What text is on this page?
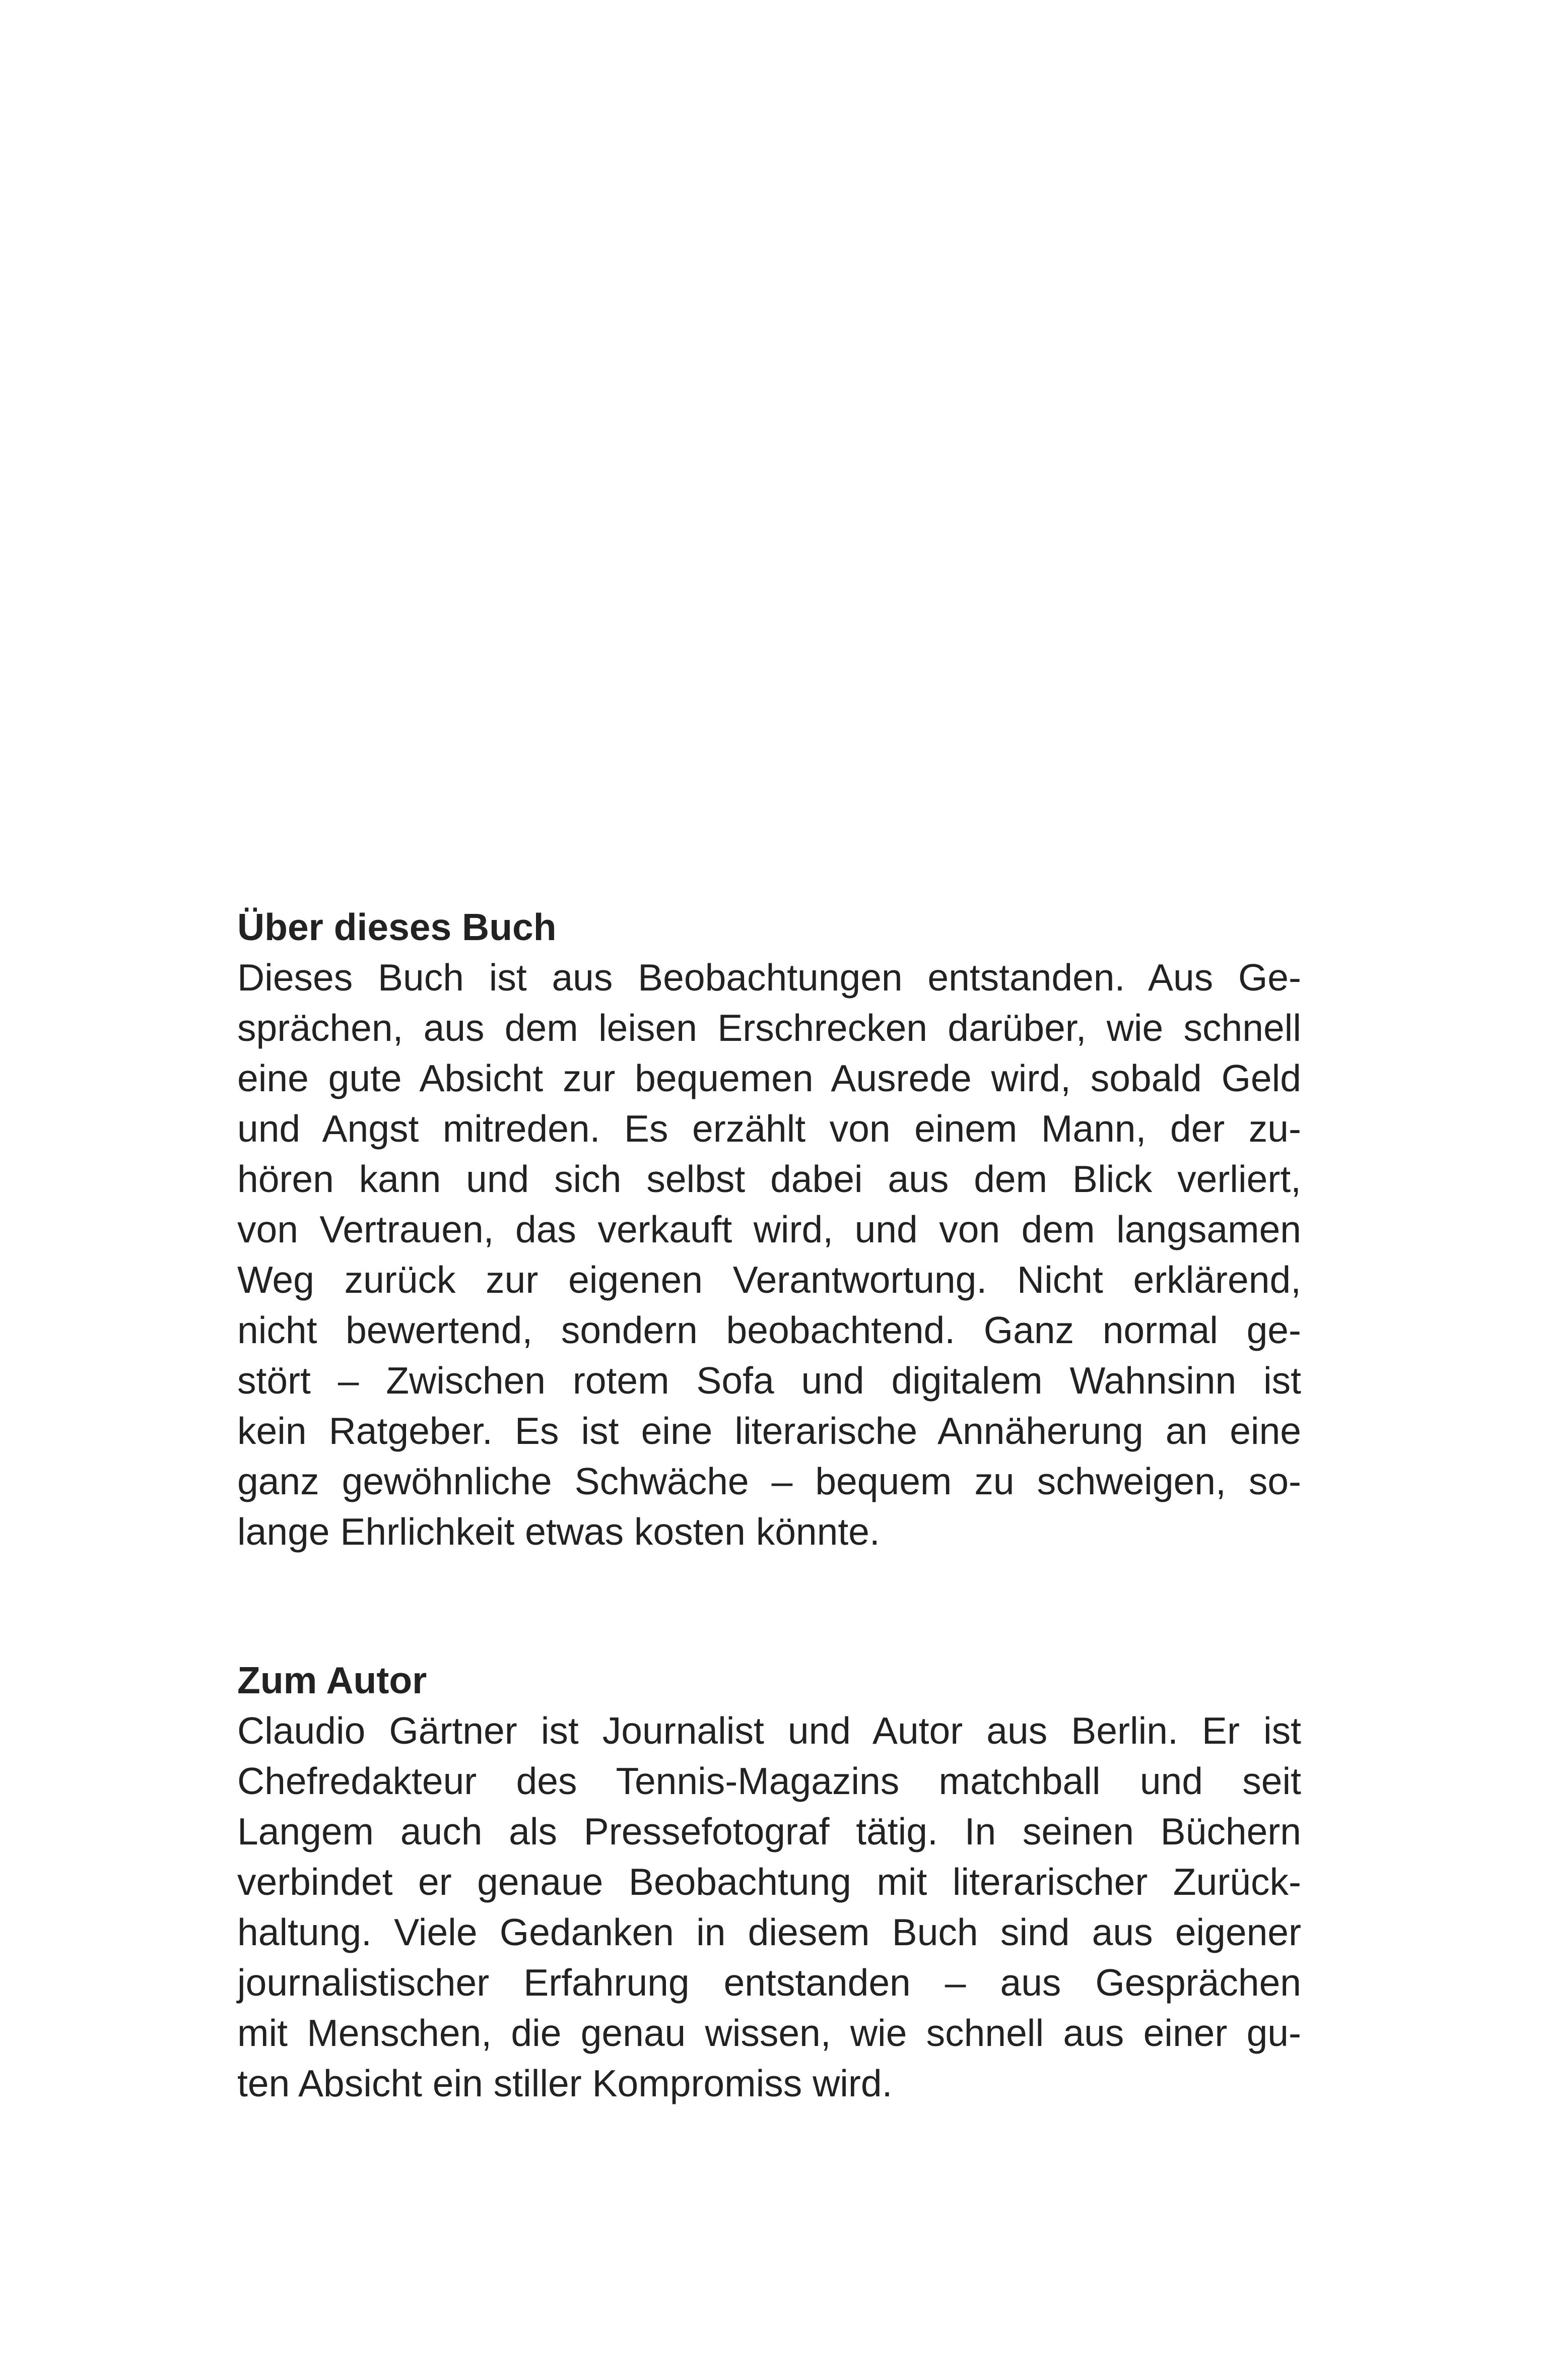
Über dieses Buch
Dieses Buch ist aus Beobachtungen entstanden. Aus Ge-
sprächen, aus dem leisen Erschrecken darüber, wie schnell
eine gute Absicht zur bequemen Ausrede wird, sobald Geld
und Angst mitreden. Es erzählt von einem Mann, der zu-
hören kann und sich selbst dabei aus dem Blick verliert,
von Vertrauen, das verkauft wird, und von dem langsamen
Weg zurück zur eigenen Verantwortung. Nicht erklärend,
nicht bewertend, sondern beobachtend. Ganz normal ge-
stört – Zwischen rotem Sofa und digitalem Wahnsinn ist
kein Ratgeber. Es ist eine literarische Annäherung an eine
ganz gewöhnliche Schwäche – bequem zu schweigen, so-
lange Ehrlichkeit etwas kosten könnte.
Zum Autor
Claudio Gärtner ist Journalist und Autor aus Berlin. Er ist
Chefredakteur des Tennis-Magazins matchball und seit
Langem auch als Pressefotograf tätig. In seinen Büchern
verbindet er genaue Beobachtung mit literarischer Zurück-
haltung. Viele Gedanken in diesem Buch sind aus eigener
journalistischer Erfahrung entstanden – aus Gesprächen
mit Menschen, die genau wissen, wie schnell aus einer gu-
ten Absicht ein stiller Kompromiss wird.
